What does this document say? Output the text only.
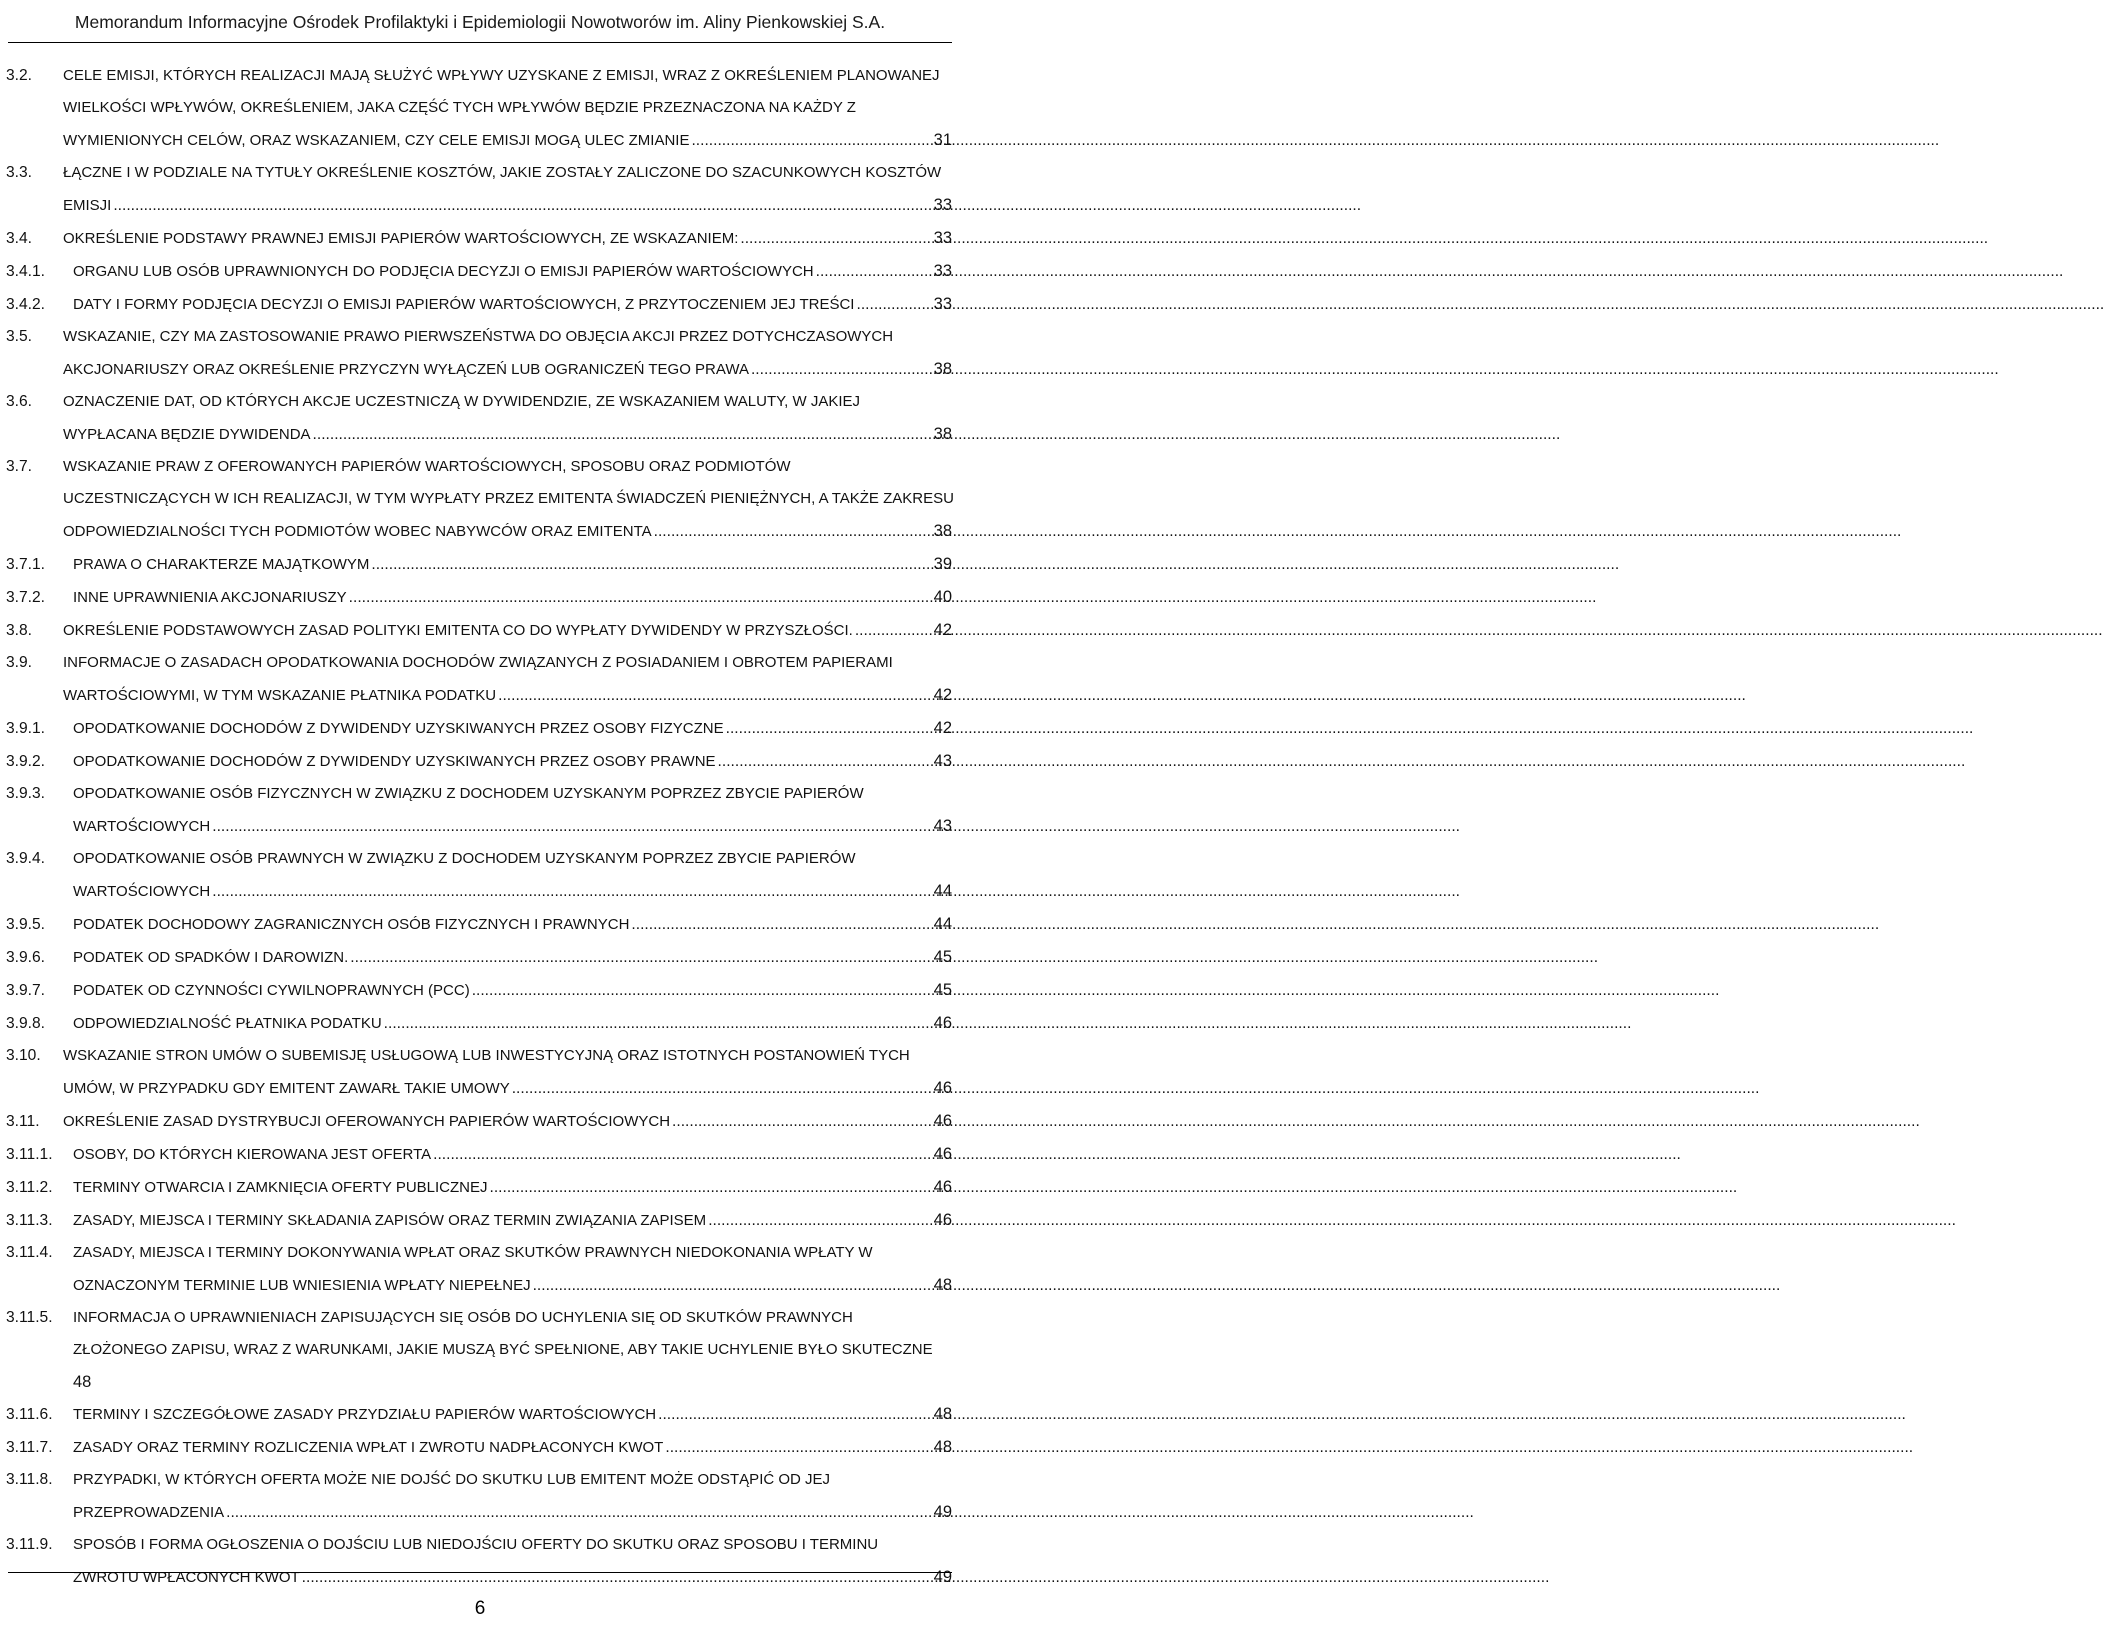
Memorandum Informacyjne Ośrodek Profilaktyki i Epidemiologii Nowotworów im. Aliny Pienkowskiej S.A.
3.2.	CELE EMISJI, KTÓRYCH REALIZACJI MAJĄ SŁUŻYĆ WPŁYWY UZYSKANE Z EMISJI, WRAZ Z OKREŚLENIEM PLANOWANEJ
WIELKOŚCI WPŁYWÓW, OKREŚLENIEM, JAKA CZĘŚĆ TYCH WPŁYWÓW BĘDZIE PRZEZNACZONA NA KAŻDY Z
WYMIENIONYCH CELÓW, ORAZ WSKAZANIEM, CZY CELE EMISJI MOGĄ ULEC ZMIANIE .....	31
3.3.	ŁĄCZNE I W PODZIALE NA TYTUŁY OKREŚLENIE KOSZTÓW, JAKIE ZOSTAŁY ZALICZONE DO SZACUNKOWYCH KOSZTÓW
EMISJI .....	33
3.4.	OKREŚLENIE PODSTAWY PRAWNEJ EMISJI PAPIERÓW WARTOŚCIOWYCH, ZE WSKAZANIEM: .....	33
3.4.1.	ORGANU LUB OSÓB UPRAWNIONYCH DO PODJĘCIA DECYZJI O EMISJI PAPIERÓW WARTOŚCIOWYCH .....	33
3.4.2.	DATY I FORMY PODJĘCIA DECYZJI O EMISJI PAPIERÓW WARTOŚCIOWYCH, Z PRZYTOCZENIEM JEJ TREŚCI .....	33
3.5.	WSKAZANIE, CZY MA ZASTOSOWANIE PRAWO PIERWSZEŃSTWA DO OBJĘCIA AKCJI PRZEZ DOTYCHCZASOWYCH
AKCJONARIUSZY ORAZ OKREŚLENIE PRZYCZYN WYŁĄCZEŃ LUB OGRANICZEŃ TEGO PRAWA .....	38
3.6.	OZNACZENIE DAT, OD KTÓRYCH AKCJE UCZESTNICZĄ W DYWIDENDZIE, ZE WSKAZANIEM WALUTY, W JAKIEJ
WYPŁACANA BĘDZIE DYWIDENDA .....	38
3.7.	WSKAZANIE PRAW Z OFEROWANYCH PAPIERÓW WARTOŚCIOWYCH, SPOSOBU ORAZ PODMIOTÓW
UCZESTNICZĄCYCH W ICH REALIZACJI, W TYM WYPŁATY PRZEZ EMITENTA ŚWIADCZEŃ PIENIĘŻNYCH, A TAKŻE ZAKRESU
ODPOWIEDZIALNOŚCI TYCH PODMIOTÓW WOBEC NABYWCÓW ORAZ EMITENTA .....	38
3.7.1.	PRAWA O CHARAKTERZE MAJĄTKOWYM .....	39
3.7.2.	INNE UPRAWNIENIA AKCJONARIUSZY .....	40
3.8.	OKREŚLENIE PODSTAWOWYCH ZASAD POLITYKI EMITENTA CO DO WYPŁATY DYWIDENDY W PRZYSZŁOŚCI. .....	42
3.9.	INFORMACJE O ZASADACH OPODATKOWANIA DOCHODÓW ZWIĄZANYCH Z POSIADANIEM I OBROTEM PAPIERAMI
WARTOŚCIOWYMI, W TYM WSKAZANIE PŁATNIKA PODATKU .....	42
3.9.1.	OPODATKOWANIE DOCHODÓW Z DYWIDENDY UZYSKIWANYCH PRZEZ OSOBY FIZYCZNE .....	42
3.9.2.	OPODATKOWANIE DOCHODÓW Z DYWIDENDY UZYSKIWANYCH PRZEZ OSOBY PRAWNE .....	43
3.9.3.	OPODATKOWANIE OSÓB FIZYCZNYCH W ZWIĄZKU Z DOCHODEM UZYSKANYM POPRZEZ ZBYCIE PAPIERÓW
WARTOŚCIOWYCH .....	43
3.9.4.	OPODATKOWANIE OSÓB PRAWNYCH W ZWIĄZKU Z DOCHODEM UZYSKANYM POPRZEZ ZBYCIE PAPIERÓW
WARTOŚCIOWYCH .....	44
3.9.5.	PODATEK DOCHODOWY ZAGRANICZNYCH OSÓB FIZYCZNYCH I PRAWNYCH .....	44
3.9.6.	PODATEK OD SPADKÓW I DAROWIZN. .....	45
3.9.7.	PODATEK OD CZYNNOŚCI CYWILNOPRAWNYCH (PCC) .....	45
3.9.8.	ODPOWIEDZIALNOŚĆ PŁATNIKA PODATKU .....	46
3.10.	WSKAZANIE STRON UMÓW O SUBEMISJĘ USŁUGOWĄ LUB INWESTYCYJNĄ ORAZ ISTOTNYCH POSTANOWIEŃ TYCH
UMÓW, W PRZYPADKU GDY EMITENT ZAWARŁ TAKIE UMOWY .....	46
3.11.	OKREŚLENIE ZASAD DYSTRYBUCJI OFEROWANYCH PAPIERÓW WARTOŚCIOWYCH .....	46
3.11.1.	OSOBY, DO KTÓRYCH KIEROWANA JEST OFERTA .....	46
3.11.2.	TERMINY OTWARCIA I ZAMKNIĘCIA OFERTY PUBLICZNEJ .....	46
3.11.3.	ZASADY, MIEJSCA I TERMINY SKŁADANIA ZAPISÓW ORAZ TERMIN ZWIĄZANIA ZAPISEM .....	46
3.11.4.	ZASADY, MIEJSCA I TERMINY DOKONYWANIA WPŁAT ORAZ SKUTKÓW PRAWNYCH NIEDOKONANIA WPŁATY W
OZNACZONYM TERMINIE LUB WNIESIENIA WPŁATY NIEPEŁNEJ .....	48
3.11.5.	INFORMACJA O UPRAWNIENIACH ZAPISUJĄCYCH SIĘ OSÓB DO UCHYLENIA SIĘ OD SKUTKÓW PRAWNYCH
ZŁOŻONEGO ZAPISU, WRAZ Z WARUNKAMI, JAKIE MUSZĄ BYĆ SPEŁNIONE, ABY TAKIE UCHYLENIE BYŁO SKUTECZNE
48
3.11.6.	TERMINY I SZCZEGÓŁOWE ZASADY PRZYDZIAŁU PAPIERÓW WARTOŚCIOWYCH .....	48
3.11.7.	ZASADY ORAZ TERMINY ROZLICZENIA WPŁAT I ZWROTU NADPŁACONYCH KWOT .....	48
3.11.8.	PRZYPADKI, W KTÓRYCH OFERTA MOŻE NIE DOJŚĆ DO SKUTKU LUB EMITENT MOŻE ODSTĄPIĆ OD JEJ
PRZEPROWADZENIA .....	49
3.11.9.	SPOSÓB I FORMA OGŁOSZENIA O DOJŚCIU LUB NIEDOJŚCIU OFERTY DO SKUTKU ORAZ SPOSOBU I TERMINU
ZWROTU WPŁACONYCH KWOT .....	49
6
